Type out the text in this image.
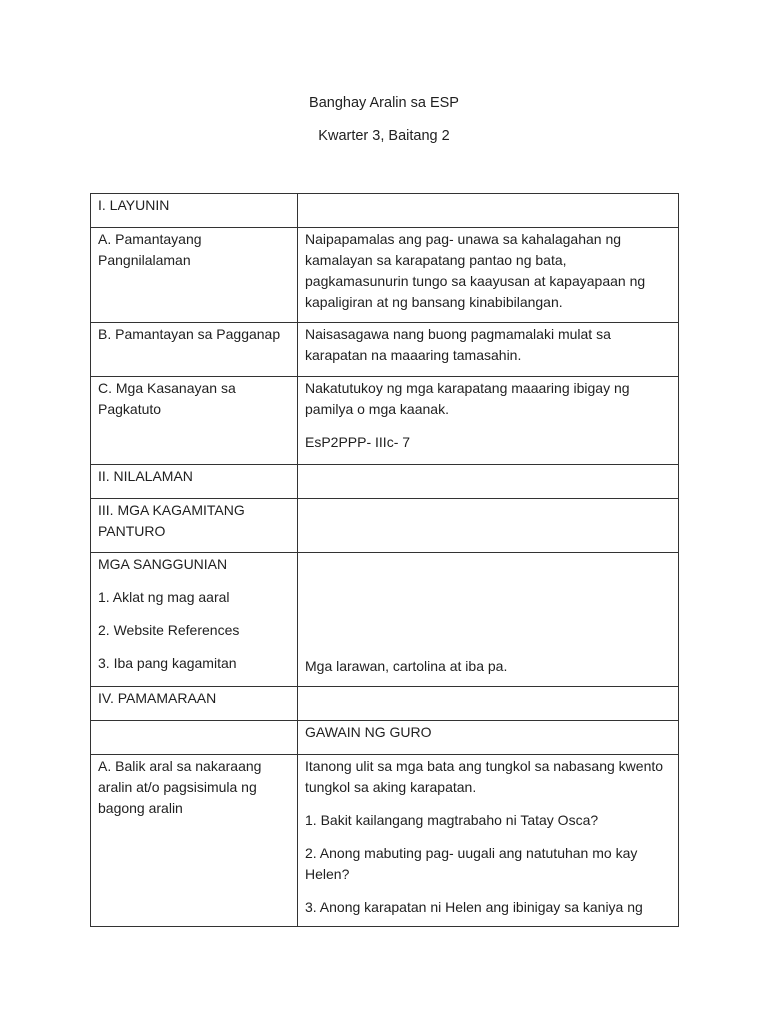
Banghay Aralin sa ESP
Kwarter 3, Baitang 2
I. LAYUNIN	
A. Pamantayang Pangnilalaman	Naipapamalas ang pag- unawa sa kahalagahan ng kamalayan sa karapatang pantao ng bata, pagkamasunurin tungo sa kaayusan at kapayapaan ng kapaligiran at ng bansang kinabibilangan.
B. Pamantayan sa Pagganap	Naisasagawa nang buong pagmamalaki mulat sa karapatan na maaaring tamasahin.
C. Mga Kasanayan sa Pagkatuto	Nakatutukoy ng mga karapatang maaaring ibigay ng pamilya o mga kaanak.

EsP2PPP- IIIc- 7

II. NILALAMAN	
III. MGA KAGAMITANG PANTURO	

MGA SANGGUNIAN

1. Aklat ng mag aaral

2. Website References

3. Iba pang kagamitan	Mga larawan, cartolina at iba pa.

IV. PAMAMARAAN	
	GAWAIN NG GURO
A. Balik aral sa nakaraang aralin at/o pagsisimula ng bagong aralin	Itanong ulit sa mga bata ang tungkol sa nabasang kwento tungkol sa aking karapatan.

1. Bakit kailangang magtrabaho ni Tatay Osca?

2. Anong mabuting pag- uugali ang natutuhan mo kay Helen?

3. Anong karapatan ni Helen ang ibinigay sa kaniya ng
